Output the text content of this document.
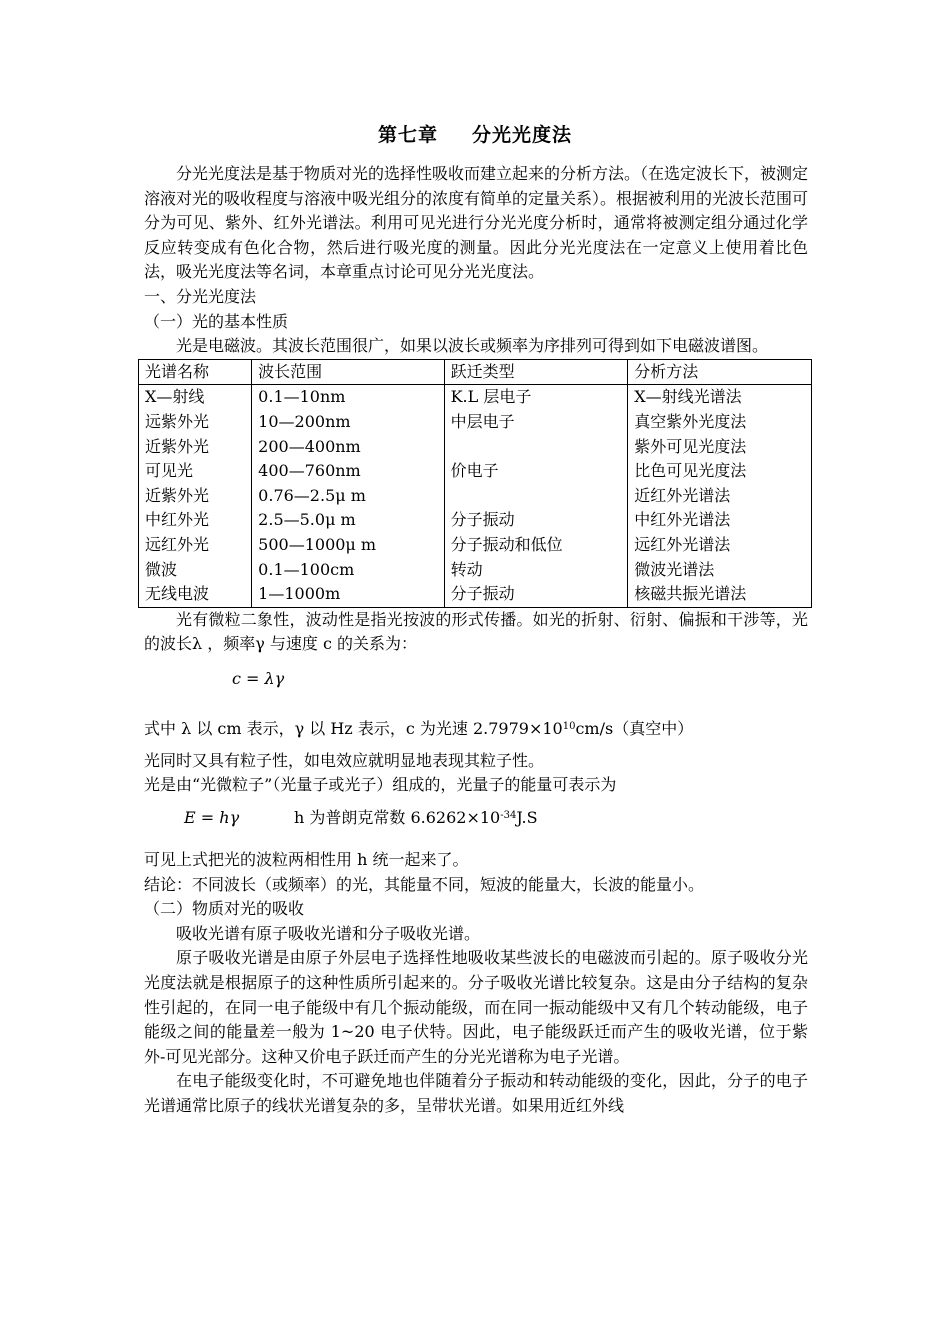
第七章 分光光度法

分光光度法是基于物质对光的选择性吸收而建立起来的分析方法。（在选定波长下，被测定溶液对光的吸收程度与溶液中吸光组分的浓度有简单的定量关系）。根据被利用的光波长范围可分为可见、紫外、红外光谱法。利用可见光进行分光光度分析时，通常将被测定组分通过化学反应转变成有色化合物，然后进行吸光度的测量。因此分光光度法在一定意义上使用着比色法，吸光光度法等名词，本章重点讨论可见分光光度法。

一、分光光度法

（一）光的基本性质

光是电磁波。其波长范围很广，如果以波长或频率为序排列可得到如下电磁波谱图。

光谱名称	波长范围	跃迁类型	分析方法
X—射线	0.1—10nm	K.L 层电子	X—射线光谱法
远紫外光	10—200nm	中层电子	真空紫外光度法
近紫外光	200—400nm		紫外可见光度法
可见光	400—760nm	价电子	比色可见光度法
近紫外光	0.76—2.5μ m		近红外光谱法
中红外光	2.5—5.0μ m	分子振动	中红外光谱法
远红外光	500—1000μ m	分子振动和低位	远红外光谱法
微波	0.1—100cm	转动	微波光谱法
无线电波	1—1000m	分子振动	核磁共振光谱法

光有微粒二象性，波动性是指光按波的形式传播。如光的折射、衍射、偏振和干涉等，光的波长λ ，频率γ 与速度 c 的关系为：

c = λγ

式中 λ 以 cm 表示，γ 以 Hz 表示，c 为光速 $2.7979\times 10^{10}cm/s$（真空中）

光同时又具有粒子性，如电效应就明显地表现其粒子性。

光是由“光微粒子”（光量子或光子）组成的，光量子的能量可表示为

E = hγ	h 为普朗克常数 $6.6262\times 10^{-34}J.S$

可见上式把光的波粒两相性用 h 统一起来了。

结论：不同波长（或频率）的光，其能量不同，短波的能量大，长波的能量小。

（二）物质对光的吸收

吸收光谱有原子吸收光谱和分子吸收光谱。

原子吸收光谱是由原子外层电子选择性地吸收某些波长的电磁波而引起的。原子吸收分光光度法就是根据原子的这种性质所引起来的。分子吸收光谱比较复杂。这是由分子结构的复杂性引起的，在同一电子能级中有几个振动能级，而在同一振动能级中又有几个转动能级，电子能级之间的能量差一般为 1~20 电子伏特。因此，电子能级跃迁而产生的吸收光谱，位于紫外-可见光部分。这种又价电子跃迁而产生的分光光谱称为电子光谱。

在电子能级变化时，不可避免地也伴随着分子振动和转动能级的变化，因此，分子的电子光谱通常比原子的线状光谱复杂的多，呈带状光谱。如果用近红外线
